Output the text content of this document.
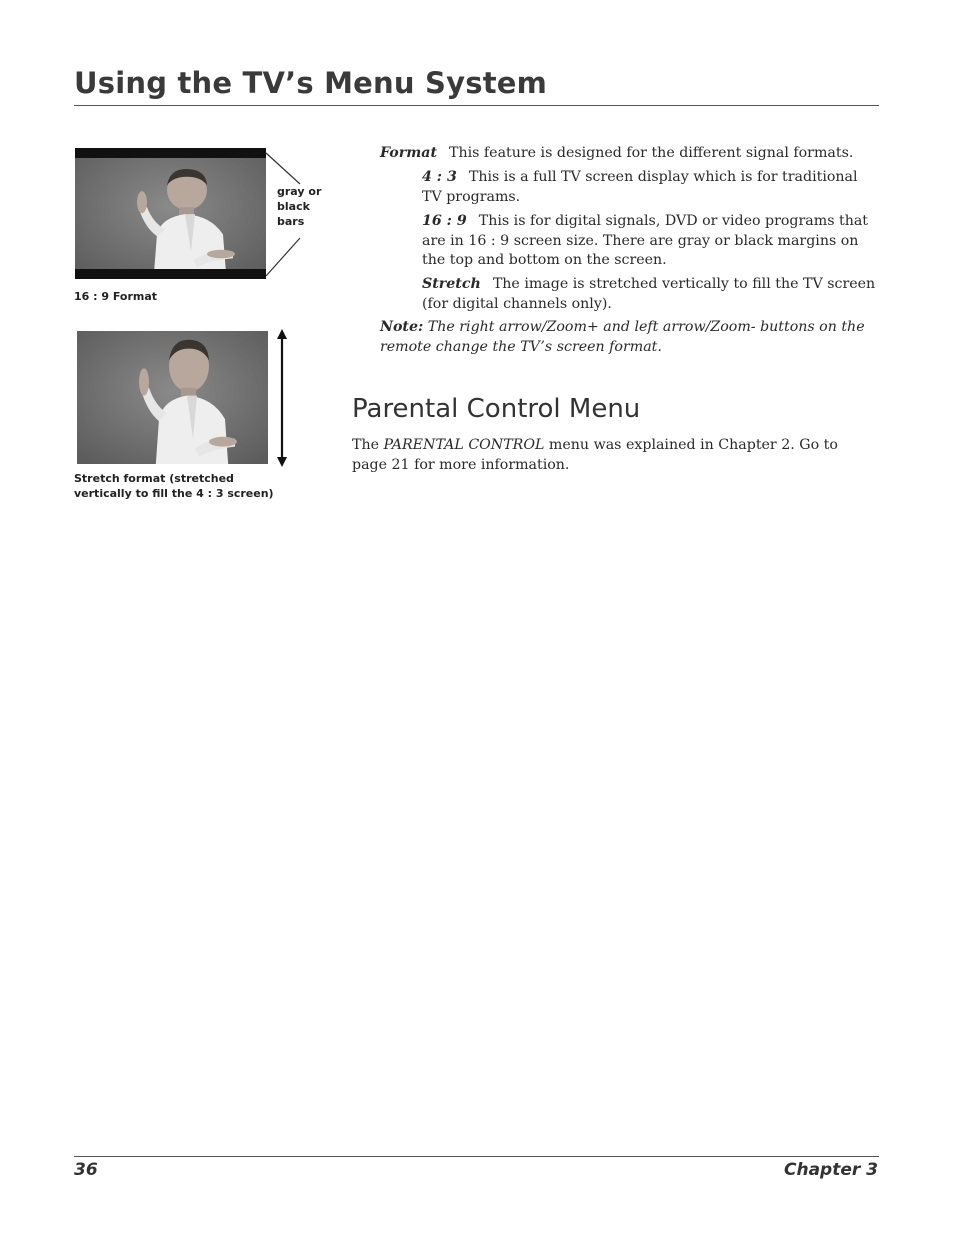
Using the TV’s Menu System
gray or black bars
16 : 9 Format
Stretch format (stretched vertically to fill the 4 : 3 screen)
Format This feature is designed for the different signal formats.
4 : 3 This is a full TV screen display which is for traditional TV programs.
16 : 9 This is for digital signals, DVD or video programs that are in 16 : 9 screen size. There are gray or black margins on the top and bottom on the screen.
Stretch The image is stretched vertically to fill the TV screen (for digital channels only).
Note: The right arrow/Zoom+ and left arrow/Zoom- buttons on the remote change the TV’s screen format.
Parental Control Menu
The PARENTAL CONTROL menu was explained in Chapter 2. Go to page 21 for more information.
36	Chapter 3
